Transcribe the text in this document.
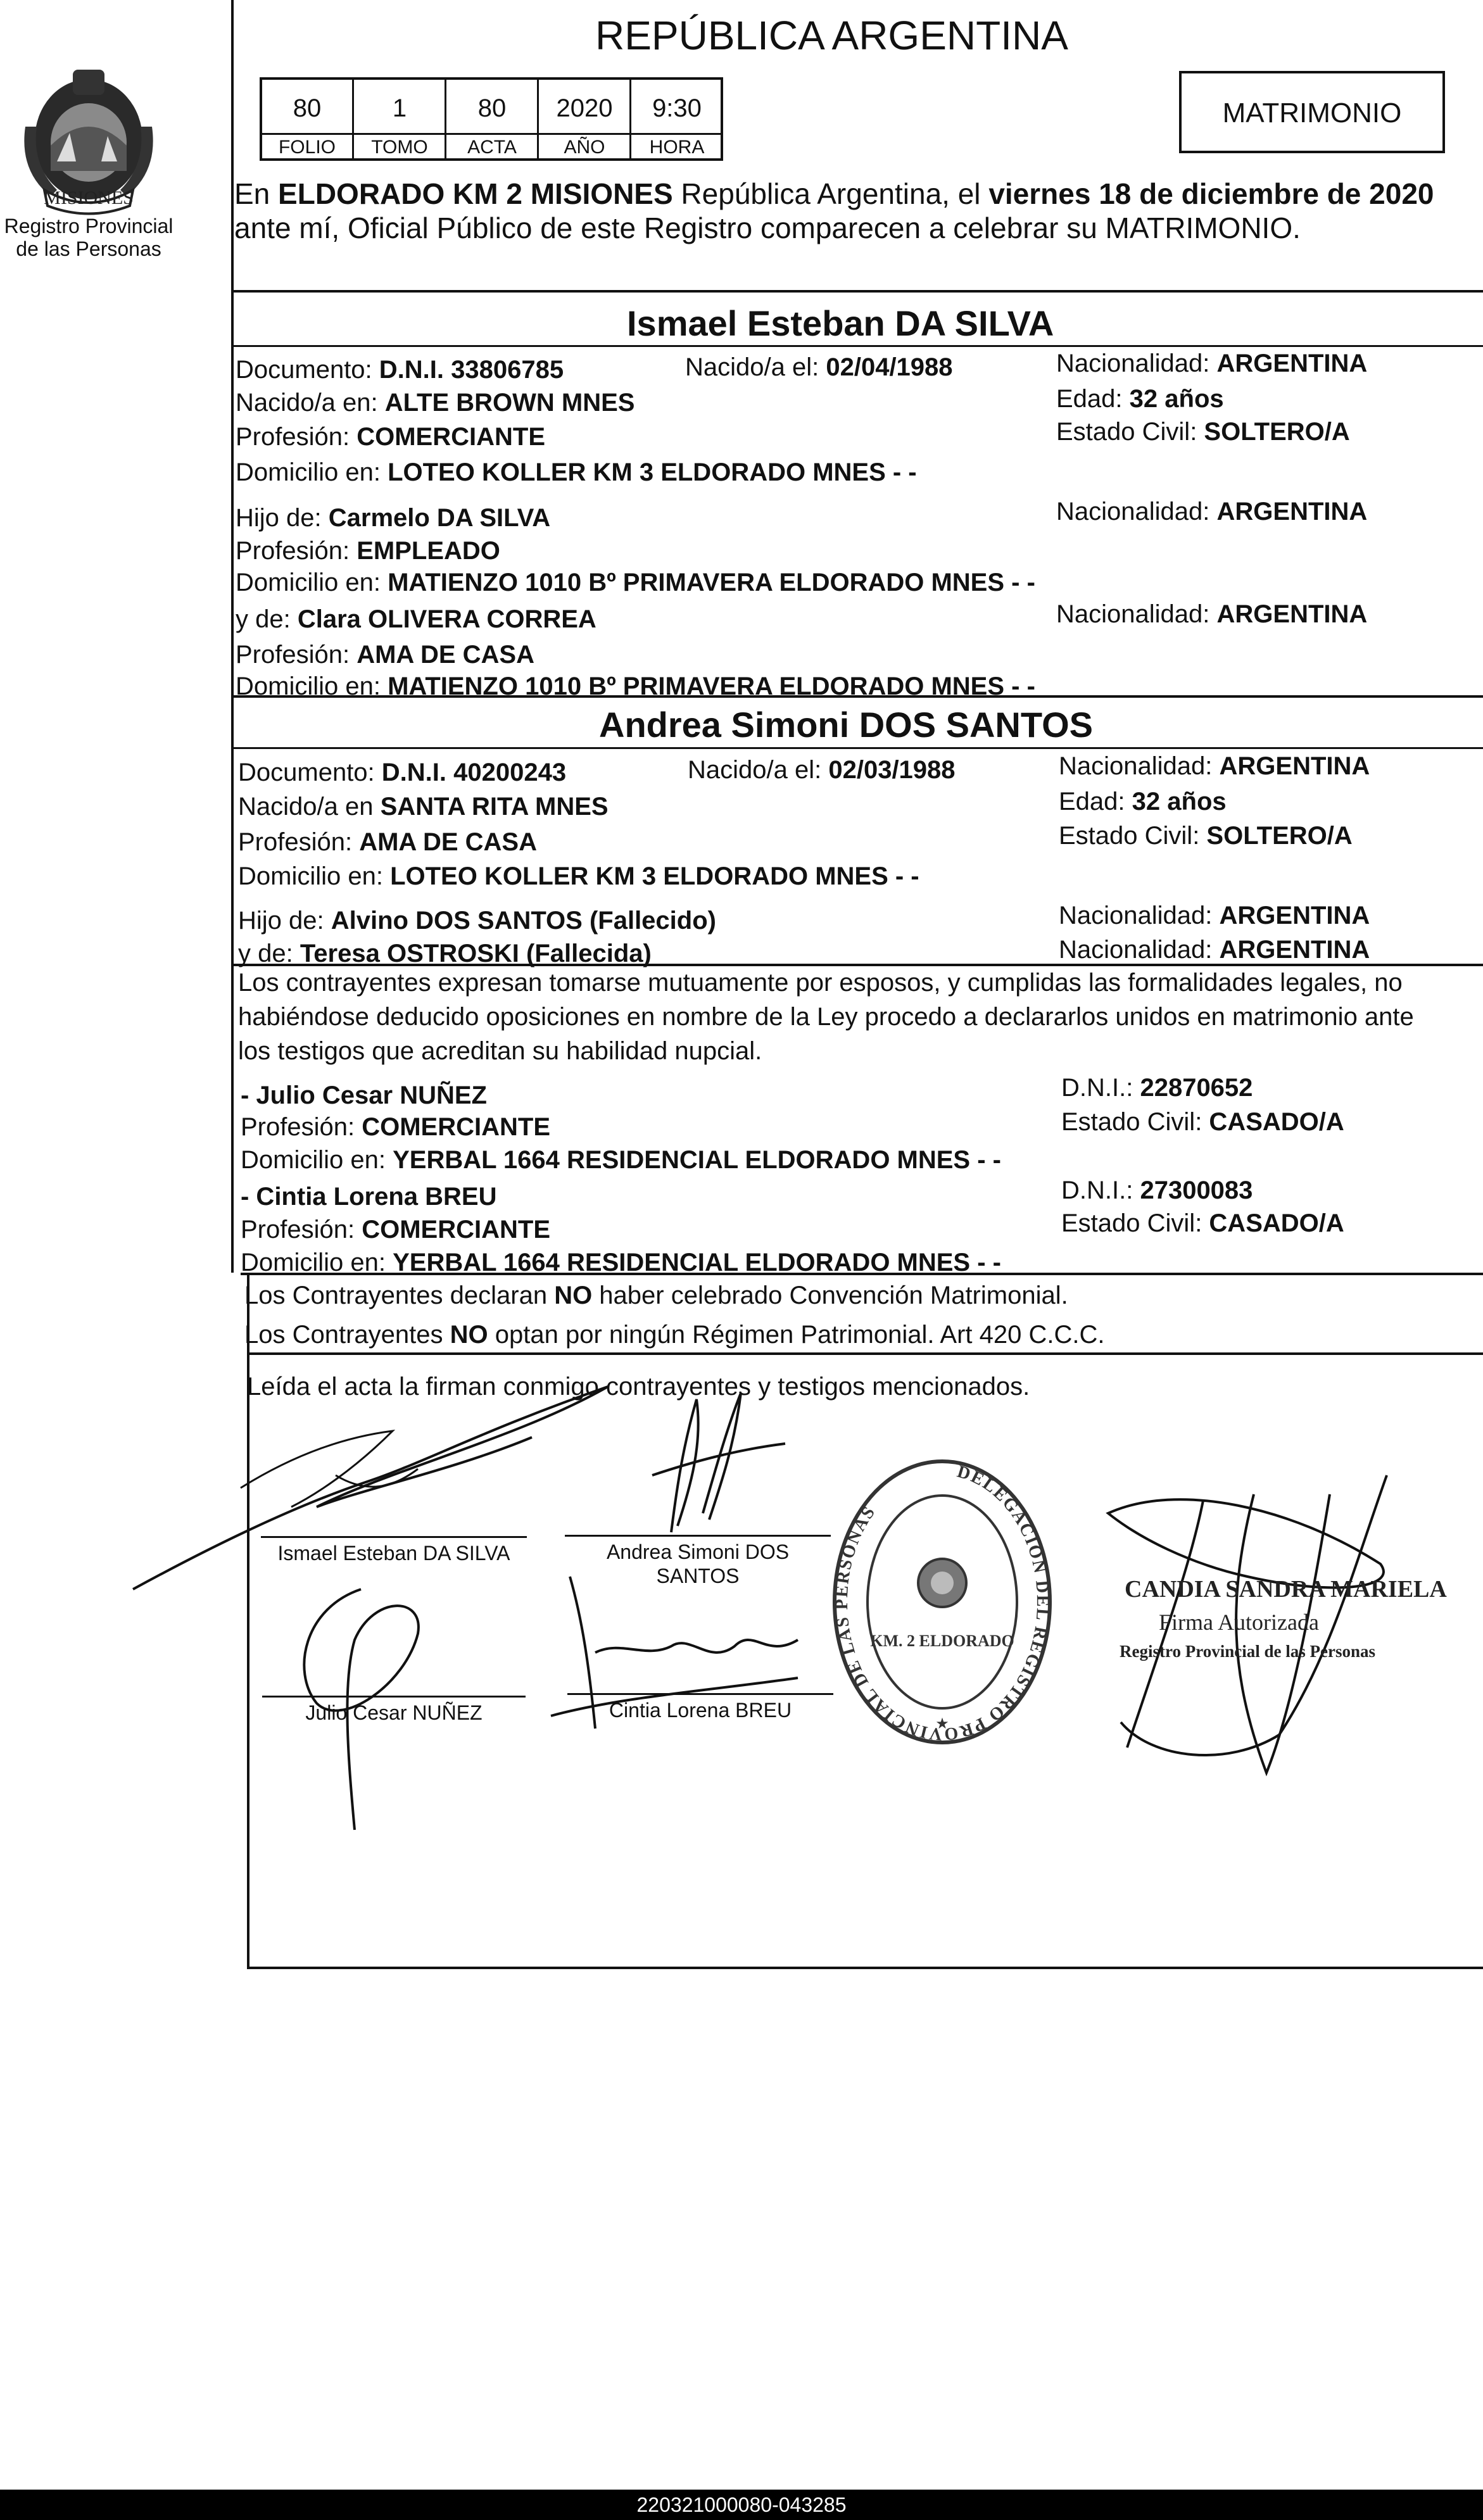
PROVINCIA DE
MISIONES
Registro Provincial
de las Personas
REPÚBLICA ARGENTINA
80	1	80	2020	9:30
FOLIO	TOMO	ACTA	AÑO	HORA
MATRIMONIO
En ELDORADO KM 2 MISIONES República Argentina, el viernes 18 de diciembre de 2020
ante mí, Oficial Público de este Registro comparecen a celebrar su MATRIMONIO.
Ismael Esteban DA SILVA
Documento: D.N.I. 33806785	Nacido/a el: 02/04/1988	Nacionalidad: ARGENTINA
Nacido/a en: ALTE BROWN MNES	Edad: 32 años
Profesión: COMERCIANTE	Estado Civil: SOLTERO/A
Domicilio en: LOTEO KOLLER KM 3 ELDORADO MNES - -
Hijo de: Carmelo DA SILVA	Nacionalidad: ARGENTINA
Profesión: EMPLEADO
Domicilio en: MATIENZO 1010 Bº PRIMAVERA ELDORADO MNES - -
y de: Clara OLIVERA CORREA	Nacionalidad: ARGENTINA
Profesión: AMA DE CASA
Domicilio en: MATIENZO 1010 Bº PRIMAVERA ELDORADO MNES - -
Andrea Simoni DOS SANTOS
Documento: D.N.I. 40200243	Nacido/a el: 02/03/1988	Nacionalidad: ARGENTINA
Nacido/a en SANTA RITA MNES	Edad: 32 años
Profesión: AMA DE CASA	Estado Civil: SOLTERO/A
Domicilio en: LOTEO KOLLER KM 3 ELDORADO MNES - -
Hijo de: Alvino DOS SANTOS (Fallecido)	Nacionalidad: ARGENTINA
y de: Teresa OSTROSKI (Fallecida)	Nacionalidad: ARGENTINA
Los contrayentes expresan tomarse mutuamente por esposos, y cumplidas las formalidades legales, no
habiéndose deducido oposiciones en nombre de la Ley procedo a declararlos unidos en matrimonio ante
los testigos que acreditan su habilidad nupcial.
- Julio Cesar NUÑEZ	D.N.I.: 22870652
Profesión: COMERCIANTE	Estado Civil: CASADO/A
Domicilio en: YERBAL 1664 RESIDENCIAL ELDORADO MNES - -
- Cintia Lorena BREU	D.N.I.: 27300083
Profesión: COMERCIANTE	Estado Civil: CASADO/A
Domicilio en: YERBAL 1664 RESIDENCIAL ELDORADO MNES - -
Los Contrayentes declaran NO haber celebrado Convención Matrimonial.
Los Contrayentes NO optan por ningún Régimen Patrimonial. Art 420 C.C.C.
Leída el acta la firman conmigo contrayentes y testigos mencionados.
Ismael Esteban DA SILVA	Andrea Simoni DOS
SANTOS
Julio Cesar NUÑEZ	Cintia Lorena BREU
DELEGACION DEL REGISTRO PROVINCIAL DE LAS PERSONAS
KM. 2 ELDORADO
★
CANDIA SANDRA MARIELA
Firma Autorizada
Registro Provincial de las Personas
220321000080-043285
